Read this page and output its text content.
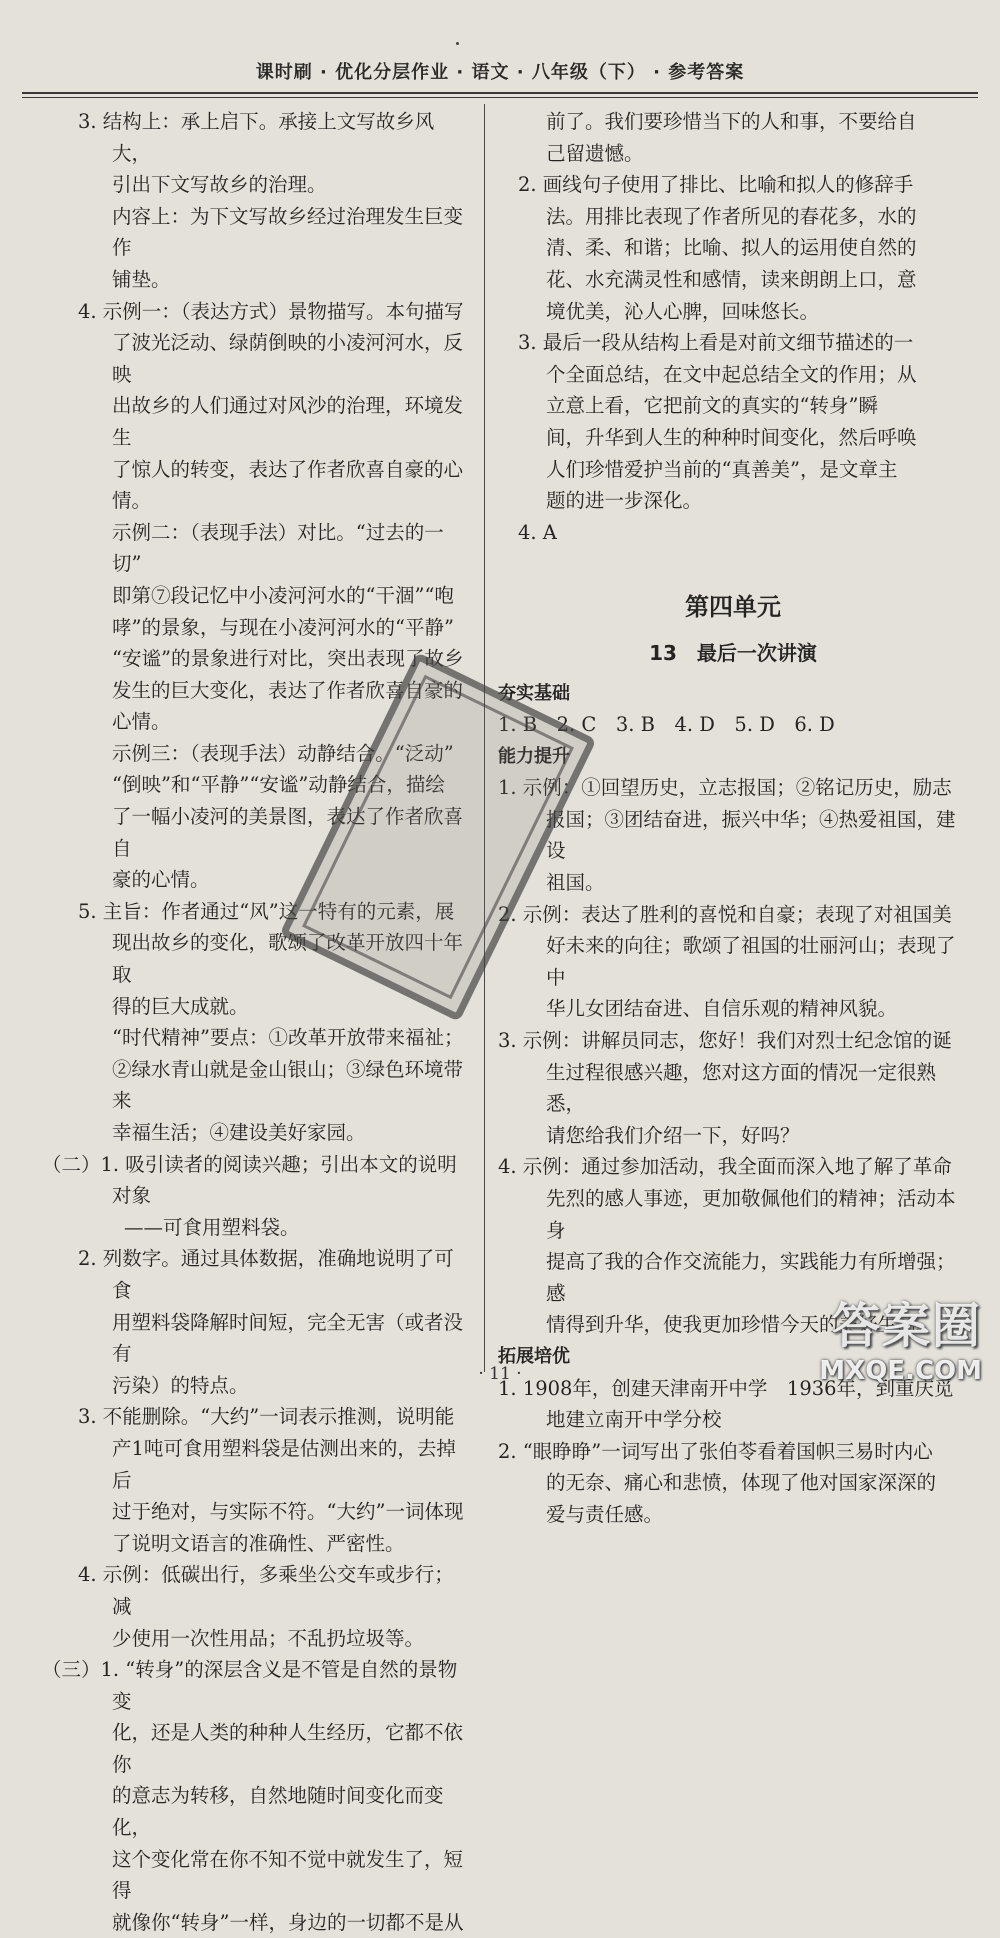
课时刷 · 优化分层作业 · 语文 · 八年级（下） · 参考答案

3. 结构上：承上启下。承接上文写故乡风大，

引出下文写故乡的治理。

内容上：为下文写故乡经过治理发生巨变作

铺垫。

4. 示例一：（表达方式）景物描写。本句描写

了波光泛动、绿荫倒映的小凌河河水，反映

出故乡的人们通过对风沙的治理，环境发生

了惊人的转变，表达了作者欣喜自豪的心情。

示例二：（表现手法）对比。“过去的一切”

即第⑦段记忆中小凌河河水的“干涸”“咆

哮”的景象，与现在小凌河河水的“平静”

“安谧”的景象进行对比，突出表现了故乡

发生的巨大变化，表达了作者欣喜自豪的

心情。

示例三：（表现手法）动静结合。“泛动”

“倒映”和“平静”“安谧”动静结合，描绘

了一幅小凌河的美景图，表达了作者欣喜自

豪的心情。

5. 主旨：作者通过“风”这一特有的元素，展

现出故乡的变化，歌颂了改革开放四十年取

得的巨大成就。

“时代精神”要点：①改革开放带来福祉；

②绿水青山就是金山银山；③绿色环境带来

幸福生活；④建设美好家园。

（二）1. 吸引读者的阅读兴趣；引出本文的说明对象

——可食用塑料袋。

2. 列数字。通过具体数据，准确地说明了可食

用塑料袋降解时间短，完全无害（或者没有

污染）的特点。

3. 不能删除。“大约”一词表示推测，说明能

产1吨可食用塑料袋是估测出来的，去掉后

过于绝对，与实际不符。“大约”一词体现

了说明文语言的准确性、严密性。

4. 示例：低碳出行，多乘坐公交车或步行；减

少使用一次性用品；不乱扔垃圾等。

（三）1. “转身”的深层含义是不管是自然的景物变

化，还是人类的种种人生经历，它都不依你

的意志为转移，自然地随时间变化而变化，

这个变化常在你不知不觉中就发生了，短得

就像你“转身”一样，身边的一切都不是从

前了。我们要珍惜当下的人和事，不要给自

己留遗憾。

2. 画线句子使用了排比、比喻和拟人的修辞手

法。用排比表现了作者所见的春花多，水的

清、柔、和谐；比喻、拟人的运用使自然的

花、水充满灵性和感情，读来朗朗上口，意

境优美，沁人心脾，回味悠长。

3. 最后一段从结构上看是对前文细节描述的一

个全面总结，在文中起总结全文的作用；从

立意上看，它把前文的真实的“转身”瞬

间，升华到人生的种种时间变化，然后呼唤

人们珍惜爱护当前的“真善美”，是文章主

题的进一步深化。

4. A

第四单元

13　最后一次讲演

夯实基础

1. B　2. C　3. B　4. D　5. D　6. D

能力提升

1. 示例：①回望历史，立志报国；②铭记历史，励志

报国；③团结奋进，振兴中华；④热爱祖国，建设

祖国。

2. 示例：表达了胜利的喜悦和自豪；表现了对祖国美

好未来的向往；歌颂了祖国的壮丽河山；表现了中

华儿女团结奋进、自信乐观的精神风貌。

3. 示例：讲解员同志，您好！我们对烈士纪念馆的诞

生过程很感兴趣，您对这方面的情况一定很熟悉，

请您给我们介绍一下，好吗？

4. 示例：通过参加活动，我全面而深入地了解了革命

先烈的感人事迹，更加敬佩他们的精神；活动本身

提高了我的合作交流能力，实践能力有所增强；感

情得到升华，使我更加珍惜今天的美好生活。

拓展培优

1. 1908年，创建天津南开中学　1936年，到重庆觅

地建立南开中学分校

2. “眼睁睁”一词写出了张伯苓看着国帜三易时内心

的无奈、痛心和悲愤，体现了他对国家深深的

爱与责任感。

· 11 ·
答案圈
MXQE.COM
